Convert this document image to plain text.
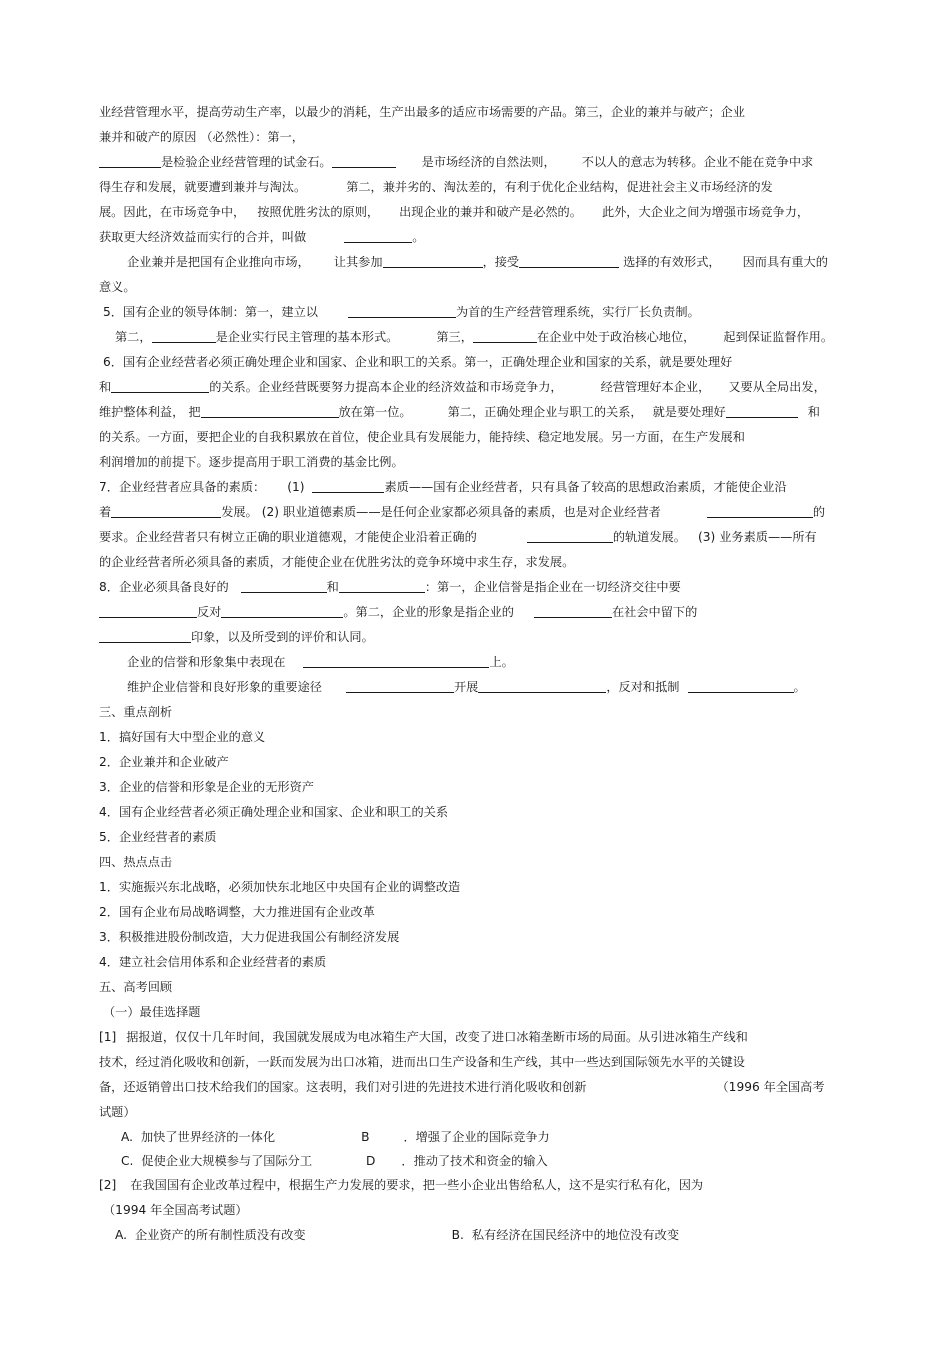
业经营管理水平，提高劳动生产率，以最少的消耗，生产出最多的适应市场需要的产品。第三，企业的兼并与破产；企业
兼并和破产的原因 （必然性）：第一，
是检验企业经营管理的试金石。	是市场经济的自然法则， 不以人的意志为转移。企业不能在竞争中求
得生存和发展，就要遭到兼并与淘汰。	第二，兼并劣的、淘汰差的，有利于优化企业结构，促进社会主义市场经济的发
展。因此，在市场竞争中， 按照优胜劣汰的原则， 出现企业的兼并和破产是必然的。 此外，大企业之间为增强市场竞争力，
获取更大经济效益而实行的合并，叫做	。
企业兼并是把国有企业推向市场， 让其参加	，接受	选择的有效形式， 因而具有重大的
意义。
5．国有企业的领导体制：第一，建立以	为首的生产经营管理系统，实行厂长负责制。
第二，	是企业实行民主管理的基本形式。	第三，	在企业中处于政治核心地位， 起到保证监督作用。
6．国有企业经营者必须正确处理企业和国家、企业和职工的关系。第一，正确处理企业和国家的关系，就是要处理好
和	的关系。企业经营既要努力提高本企业的经济效益和市场竞争力，	经营管理好本企业， 又要从全局出发，
维护整体利益， 把	放在第一位。	第二，正确处理企业与职工的关系， 就是要处理好	和
的关系。一方面，要把企业的自我积累放在首位，使企业具有发展能力，能持续、稳定地发展。另一方面，在生产发展和
利润增加的前提下。逐步提高用于职工消费的基金比例。
7．企业经营者应具备的素质： (1)	素质——国有企业经营者，只有具备了较高的思想政治素质，才能使企业沿
着	发展。 (2) 职业道德素质——是任何企业家都必须具备的素质，也是对企业经营者	的
要求。企业经营者只有树立正确的职业道德观，才能使企业沿着正确的	的轨道发展。 (3) 业务素质——所有
的企业经营者所必须具备的素质，才能使企业在优胜劣汰的竞争环境中求生存，求发展。
8．企业必须具备良好的	和	：第一，企业信誉是指企业在一切经济交往中要
反对	。第二，企业的形象是指企业的	在社会中留下的
印象，以及所受到的评价和认同。
企业的信誉和形象集中表现在	上。
维护企业信誉和良好形象的重要途径	开展	，反对和抵制	。
三、重点剖析
1．搞好国有大中型企业的意义
2．企业兼并和企业破产
3．企业的信誉和形象是企业的无形资产
4．国有企业经营者必须正确处理企业和国家、企业和职工的关系
5．企业经营者的素质
四、热点点击
1．实施振兴东北战略，必须加快东北地区中央国有企业的调整改造
2．国有企业布局战略调整，大力推进国有企业改革
3．积极推进股份制改造，大力促进我国公有制经济发展
4．建立社会信用体系和企业经营者的素质
五、高考回顾
（一）最佳选择题
[1] 据报道，仅仅十几年时间，我国就发展成为电冰箱生产大国，改变了进口冰箱垄断市场的局面。从引进冰箱生产线和
技术，经过消化吸收和创新，一跃而发展为出口冰箱，进而出口生产设备和生产线，其中一些达到国际领先水平的关键设
备，还返销曾出口技术给我们的国家。这表明，我们对引进的先进技术进行消化吸收和创新	（1996 年全国高考
试题）
A. 加快了世界经济的一体化	B	．增强了企业的国际竞争力
C. 促使企业大规模参与了国际分工	D ．推动了技术和资金的输入
[2] 在我国国有企业改革过程中，根据生产力发展的要求，把一些小企业出售给私人，这不是实行私有化，因为
（1994 年全国高考试题）
A. 企业资产的所有制性质没有改变	B. 私有经济在国民经济中的地位没有改变
